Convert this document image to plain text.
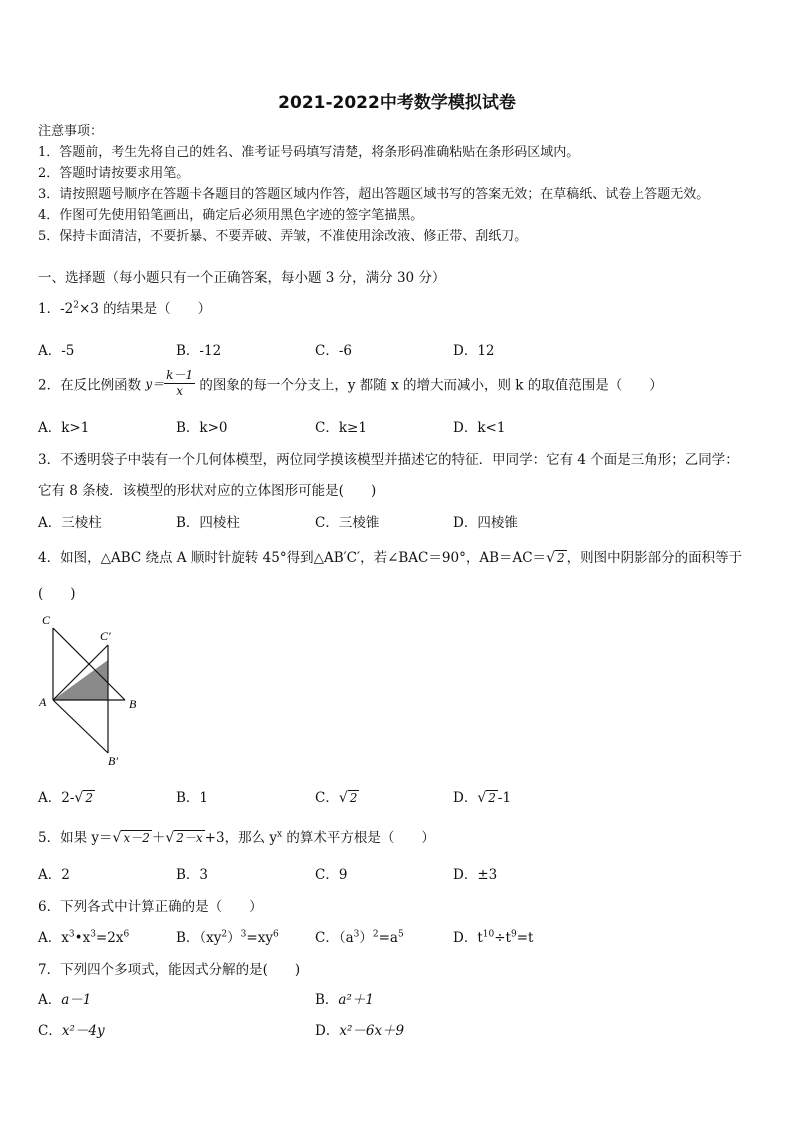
2021-2022中考数学模拟试卷
注意事项：
1．答题前，考生先将自己的姓名、准考证号码填写清楚，将条形码准确粘贴在条形码区域内。
2．答题时请按要求用笔。
3．请按照题号顺序在答题卡各题目的答题区域内作答，超出答题区域书写的答案无效；在草稿纸、试卷上答题无效。
4．作图可先使用铅笔画出，确定后必须用黑色字迹的签字笔描黑。
5．保持卡面清洁，不要折暴、不要弄破、弄皱，不准使用涂改液、修正带、刮纸刀。
一、选择题（每小题只有一个正确答案，每小题 3 分，满分 30 分）
1．$-2^2\times 3$ 的结果是（　　）
A．-5	B．-12	C．-6	D．12
2．在反比例函数 $y= \frac{k-1}{x}$ 的图象的每一个分支上，y 都随 x 的增大而减小，则 k 的取值范围是（　　）
A．k>1	B．k>0	C．k≥1	D．k<1
3．不透明袋子中装有一个几何体模型，两位同学摸该模型并描述它的特征．甲同学：它有 4 个面是三角形；乙同学：
它有 8 条棱．该模型的形状对应的立体图形可能是(　　)
A．三棱柱	B．四棱柱	C．三棱锥	D．四棱锥
4．如图，△ABC 绕点 A 顺时针旋转 45°得到△AB′C′，若∠BAC＝90°，AB＝AC＝√ 2 ，则图中阴影部分的面积等于
(　　)
C
C′
A	B
B′
A．2-√ 2	B．1	C．√ 2	D．√ 2 -1
5．如果 y＝√ x－2 ＋√ 2－x +3，那么 $y^x$ 的算术平方根是（　　）
A．2	B．3	C．9	D．±3
6．下列各式中计算正确的是（　　）
A．$x^3•x^3=2x^6$	B．$(xy^2)^3=xy^6$	C．$(a^3)^2=a^5$	D．$t^{10}\div t^9=t$
7．下列四个多项式，能因式分解的是(　　)
A．a－1	B．a²＋1
C．x²－4y	D．x²－6x＋9
